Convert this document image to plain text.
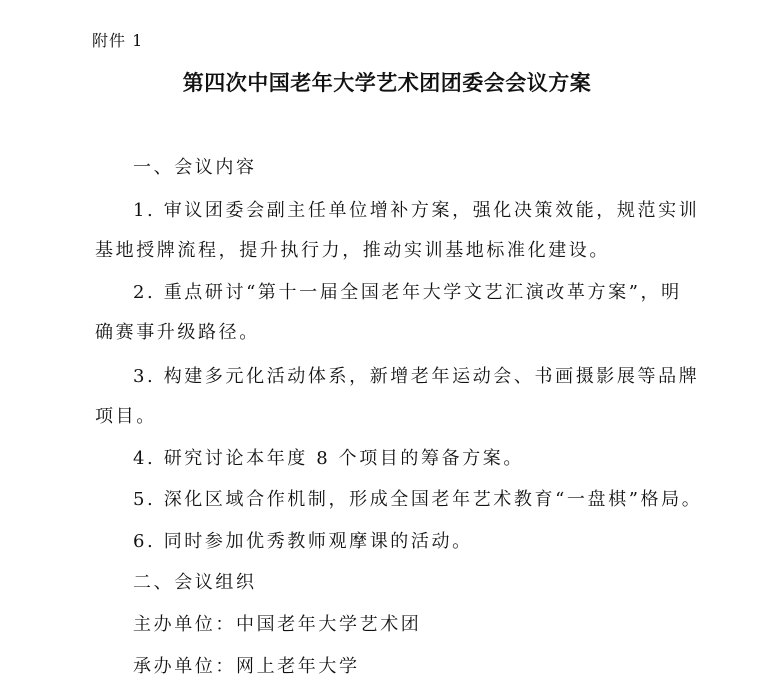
附件 1
第四次中国老年大学艺术团团委会会议方案
一、会议内容
1. 审议团委会副主任单位增补方案，强化决策效能，规范实训
基地授牌流程，提升执行力，推动实训基地标准化建设。
2. 重点研讨“第十一届全国老年大学文艺汇演改革方案”，明
确赛事升级路径。
3. 构建多元化活动体系，新增老年运动会、书画摄影展等品牌
项目。
4. 研究讨论本年度 8 个项目的筹备方案。
5. 深化区域合作机制，形成全国老年艺术教育“一盘棋”格局。
6. 同时参加优秀教师观摩课的活动。
二、会议组织
主办单位：中国老年大学艺术团
承办单位：网上老年大学
